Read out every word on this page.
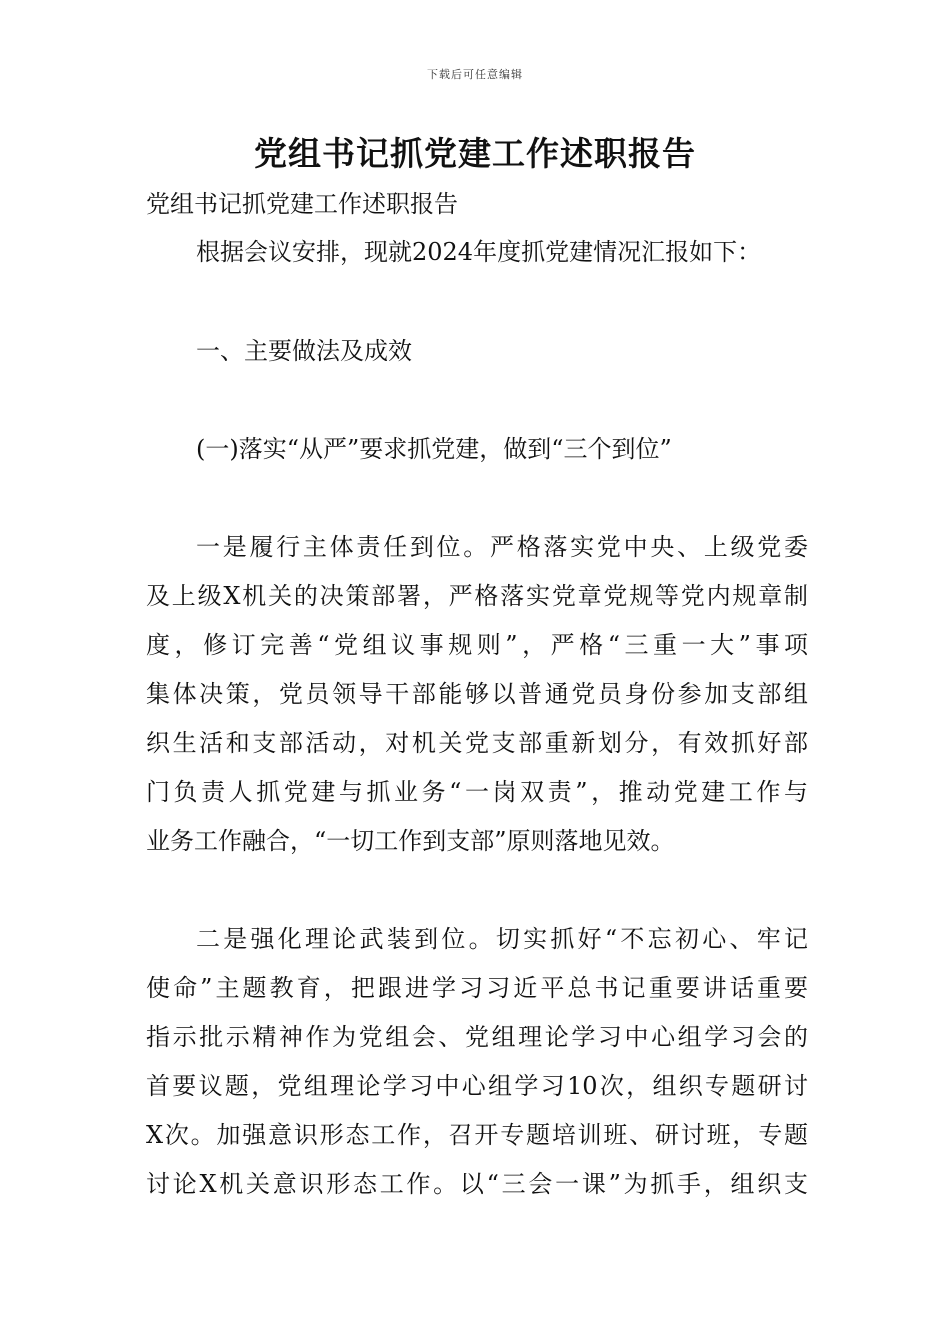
下载后可任意编辑
党组书记抓党建工作述职报告
党组书记抓党建工作述职报告
根据会议安排，现就2024年度抓党建情况汇报如下：
一、主要做法及成效
(一)落实“从严”要求抓党建，做到“三个到位”
一是履行主体责任到位。严格落实党中央、上级党委
及上级X机关的决策部署，严格落实党章党规等党内规章制
度，修订完善“党组议事规则”，严格“三重一大”事项
集体决策，党员领导干部能够以普通党员身份参加支部组
织生活和支部活动，对机关党支部重新划分，有效抓好部
门负责人抓党建与抓业务“一岗双责”，推动党建工作与
业务工作融合，“一切工作到支部”原则落地见效。
二是强化理论武装到位。切实抓好“不忘初心、牢记
使命”主题教育，把跟进学习习近平总书记重要讲话重要
指示批示精神作为党组会、党组理论学习中心组学习会的
首要议题，党组理论学习中心组学习10次，组织专题研讨
X次。加强意识形态工作，召开专题培训班、研讨班，专题
讨论X机关意识形态工作。以“三会一课”为抓手，组织支
